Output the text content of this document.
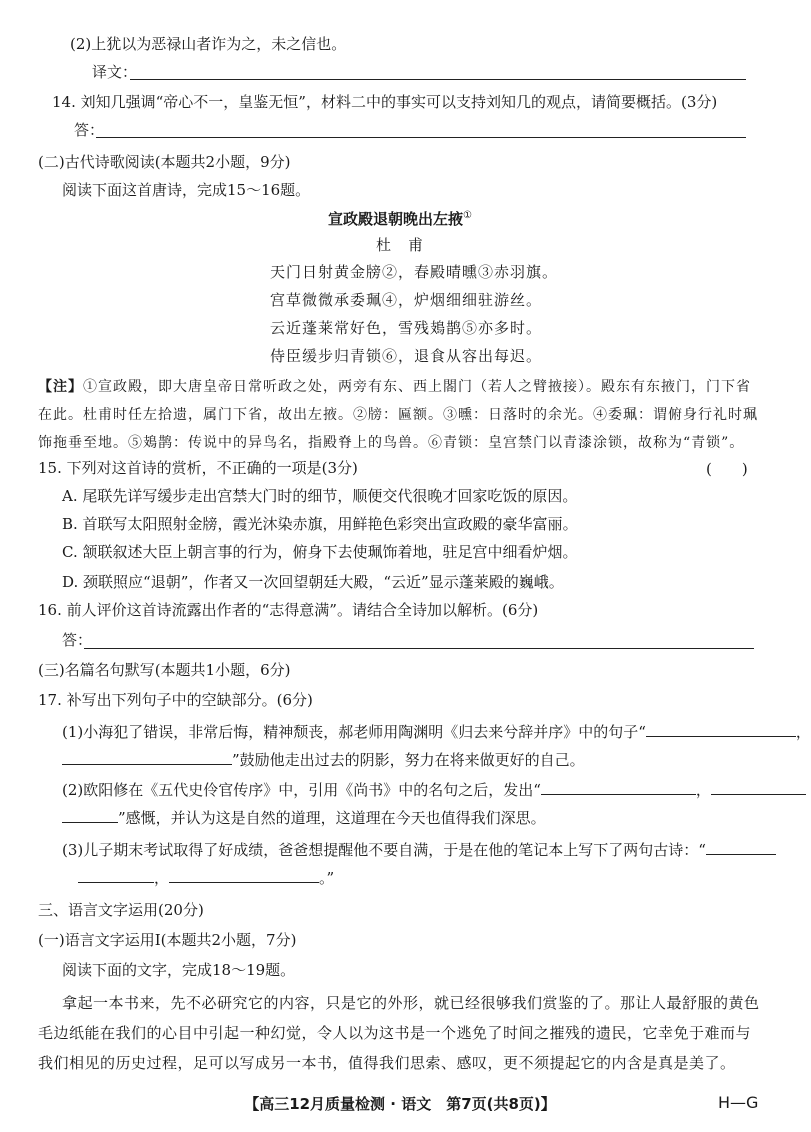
(2)上犹以为恶禄山者诈为之，未之信也。
译文：
14. 刘知几强调“帝心不一，皇鉴无恒”，材料二中的事实可以支持刘知几的观点，请简要概括。(3分)
答：
(二)古代诗歌阅读(本题共2小题，9分)
阅读下面这首唐诗，完成15～16题。
宣政殿退朝晚出左掖①
杜　甫
天门日射黄金牓②，春殿晴曛③赤羽旗。
宫草微微承委珮④，炉烟细细驻游丝。
云近蓬莱常好色，雪残鳷鹊⑤亦多时。
侍臣缓步归青锁⑥，退食从容出每迟。
【注】①宣政殿，即大唐皇帝日常听政之处，两旁有东、西上閤门（若人之臂掖接）。殿东有东掖门，门下省在此。杜甫时任左拾遗，属门下省，故出左掖。②牓：匾额。③曛：日落时的余光。④委珮：谓俯身行礼时珮饰拖垂至地。⑤鳷鹊：传说中的异鸟名，指殿脊上的鸟兽。⑥青锁：皇宫禁门以青漆涂锁，故称为“青锁”。
15. 下列对这首诗的赏析，不正确的一项是(3分)	(　　)
A. 尾联先详写缓步走出宫禁大门时的细节，顺便交代很晚才回家吃饭的原因。
B. 首联写太阳照射金牓，霞光沐染赤旗，用鲜艳色彩突出宣政殿的豪华富丽。
C. 颔联叙述大臣上朝言事的行为，俯身下去使珮饰着地，驻足宫中细看炉烟。
D. 颈联照应“退朝”，作者又一次回望朝廷大殿，“云近”显示蓬莱殿的巍峨。
16. 前人评价这首诗流露出作者的“志得意满”。请结合全诗加以解析。(6分)
答：
(三)名篇名句默写(本题共1小题，6分)
17. 补写出下列句子中的空缺部分。(6分)
(1)小海犯了错误，非常后悔，精神颓丧，郝老师用陶渊明《归去来兮辞并序》中的句子“	，
”鼓励他走出过去的阴影，努力在将来做更好的自己。
(2)欧阳修在《五代史伶官传序》中，引用《尚书》中的名句之后，发出“	，
”感慨，并认为这是自然的道理，这道理在今天也值得我们深思。
(3)儿子期末考试取得了好成绩，爸爸想提醒他不要自满，于是在他的笔记本上写下了两句古诗：“
，	。”
三、语言文字运用(20分)
(一)语言文字运用Ⅰ(本题共2小题，7分)
阅读下面的文字，完成18～19题。
拿起一本书来，先不必研究它的内容，只是它的外形，就已经很够我们赏鉴的了。那让人最舒服的黄色毛边纸能在我们的心目中引起一种幻觉，令人以为这书是一个逃免了时间之摧残的遗民，它幸免于难而与我们相见的历史过程，足可以写成另一本书，值得我们思索、感叹，更不须提起它的内含是真是美了。
【高三12月质量检测 · 语文　第7页(共8页)】	H—G
